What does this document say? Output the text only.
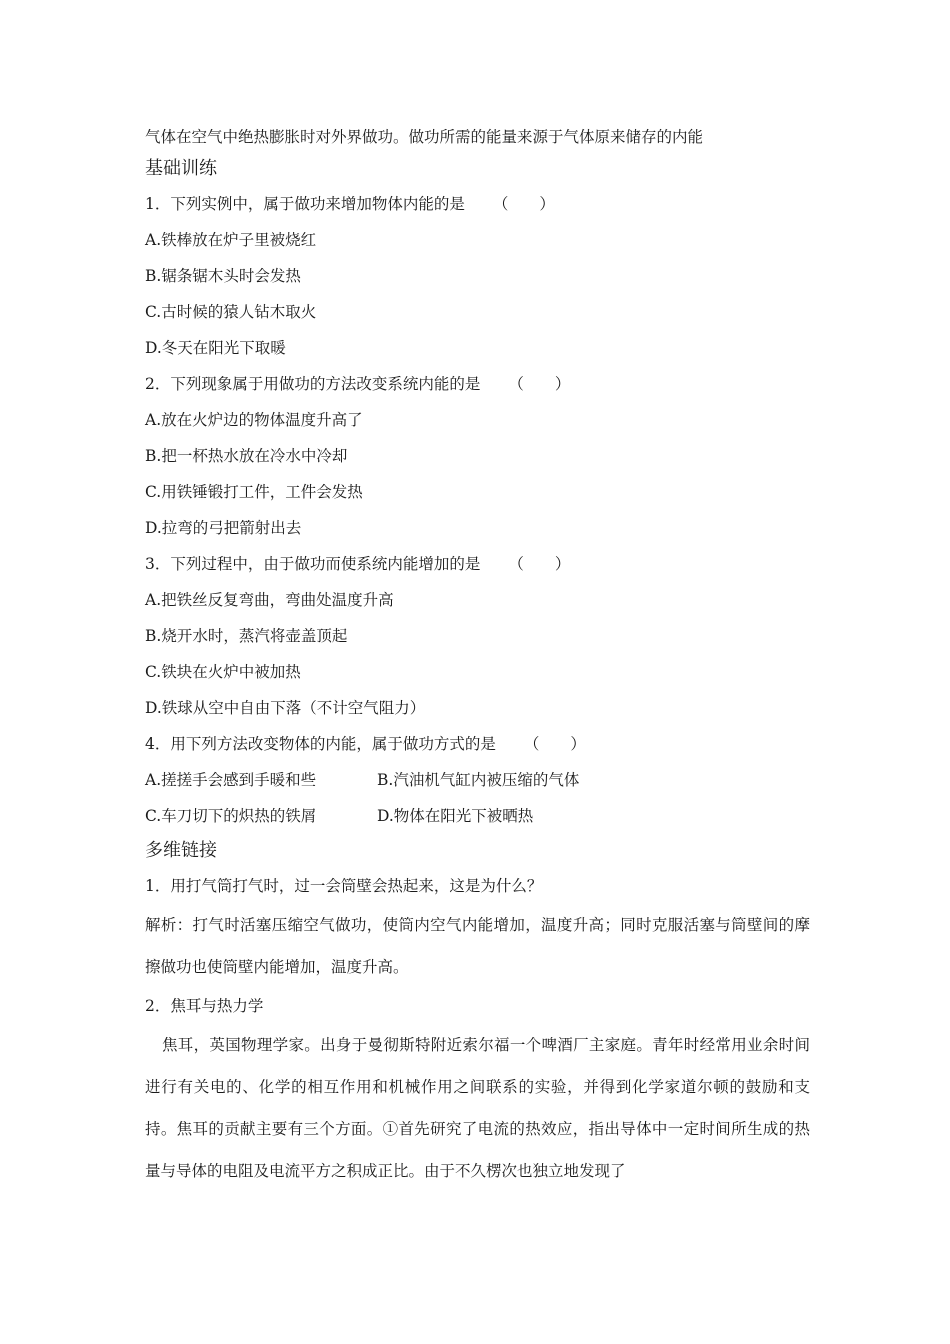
气体在空气中绝热膨胀时对外界做功。做功所需的能量来源于气体原来储存的内能
基础训练
1．下列实例中，属于做功来增加物体内能的是 （　　）
A.铁棒放在炉子里被烧红
B.锯条锯木头时会发热
C.古时候的猿人钻木取火
D.冬天在阳光下取暖
2．下列现象属于用做功的方法改变系统内能的是 （　　）
A.放在火炉边的物体温度升高了
B.把一杯热水放在冷水中冷却
C.用铁锤锻打工件，工件会发热
D.拉弯的弓把箭射出去
3．下列过程中，由于做功而使系统内能增加的是 （　　）
A.把铁丝反复弯曲，弯曲处温度升高
B.烧开水时，蒸汽将壶盖顶起
C.铁块在火炉中被加热
D.铁球从空中自由下落（不计空气阻力）
4．用下列方法改变物体的内能，属于做功方式的是 （　　）
A.搓搓手会感到手暖和些	B.汽油机气缸内被压缩的气体
C.车刀切下的炽热的铁屑	D.物体在阳光下被晒热
多维链接
1．用打气筒打气时，过一会筒壁会热起来，这是为什么？
解析：打气时活塞压缩空气做功，使筒内空气内能增加，温度升高；同时克服活塞与筒壁间的摩擦做功也使筒壁内能增加，温度升高。
2．焦耳与热力学
焦耳，英国物理学家。出身于曼彻斯特附近索尔福一个啤酒厂主家庭。青年时经常用业余时间进行有关电的、化学的相互作用和机械作用之间联系的实验，并得到化学家道尔顿的鼓励和支持。焦耳的贡献主要有三个方面。①首先研究了电流的热效应，指出导体中一定时间所生成的热量与导体的电阻及电流平方之积成正比。由于不久楞次也独立地发现了
